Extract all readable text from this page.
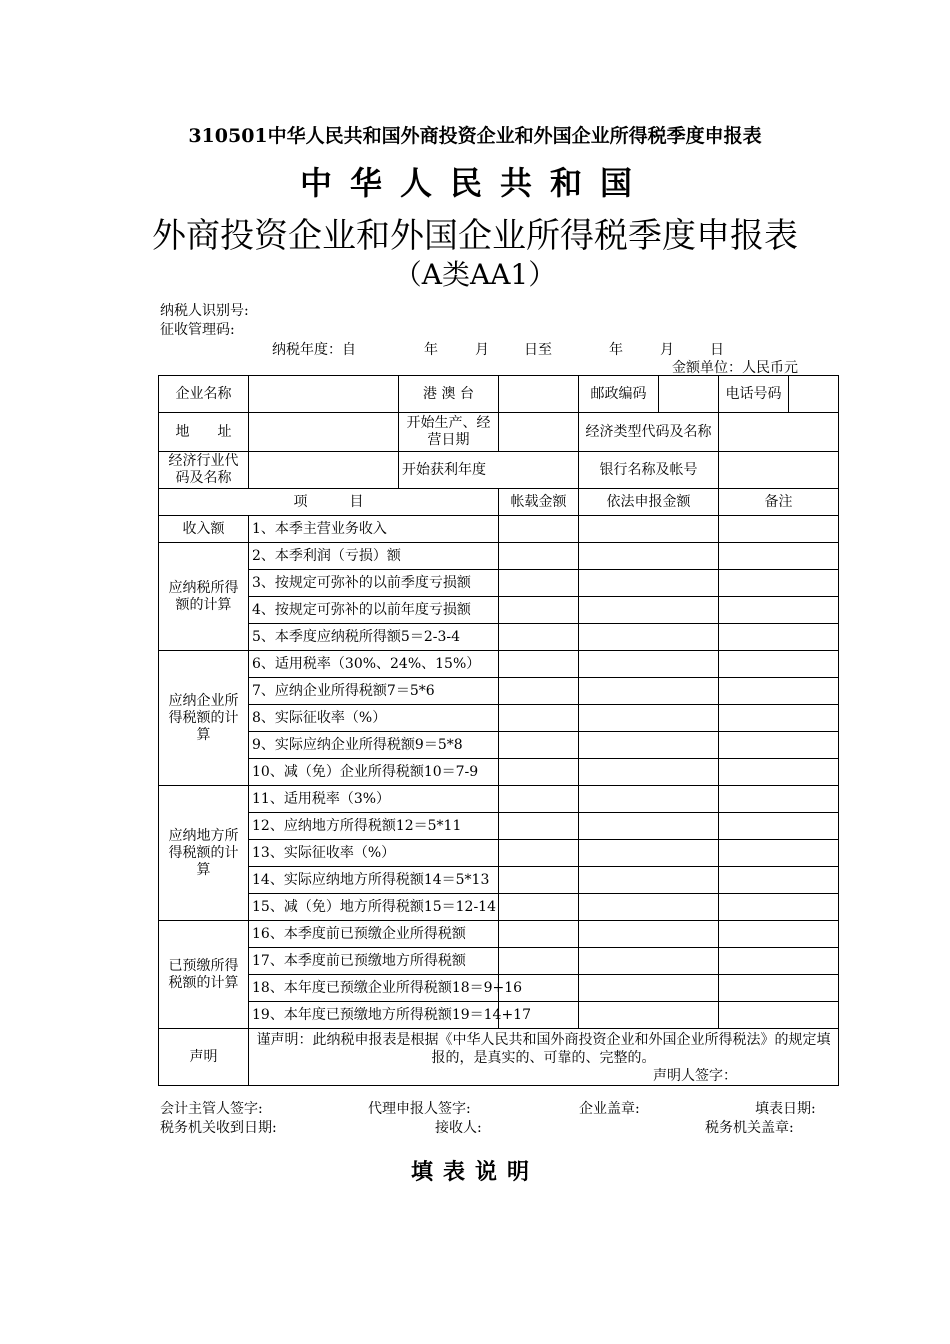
310501中华人民共和国外商投资企业和外国企业所得税季度申报表
中华人民共和国
外商投资企业和外国企业所得税季度申报表
（A类AA1）
纳税人识别号:
征收管理码:
纳税年度：自	年	月	日至	年	月	日
金额单位：人民币元
企业名称		港 澳 台		邮政编码		电话号码	
地　　址		开始生产、经营日期		经济类型代码及名称			
经济行业代码及名称		开始获利年度		银行名称及帐号			
项　　　目			帐载金额	依法申报金额		备注	
收入额	1、本季主营业务收入						
应纳税所得额的计算	2、本季利润（亏损）额						
	3、按规定可弥补的以前季度亏损额						
	4、按规定可弥补的以前年度亏损额						
	5、本季度应纳税所得额5＝2-3-4						
应纳企业所得税额的计算	6、适用税率（30%、24%、15%）						
	7、应纳企业所得税额7＝5*6						
	8、实际征收率（%）						
	9、实际应纳企业所得税额9＝5*8						
	10、减（免）企业所得税额10＝7-9						
应纳地方所得税额的计算	11、适用税率（3%）						
	12、应纳地方所得税额12＝5*11						
	13、实际征收率（%）						
	14、实际应纳地方所得税额14＝5*13						
	15、减（免）地方所得税额15＝12-14						
已预缴所得税额的计算	16、本季度前已预缴企业所得税额						
	17、本季度前已预缴地方所得税额						
	18、本年度已预缴企业所得税额18＝9+16						
	19、本年度已预缴地方所得税额19＝14+17						
声明	谨声明：此纳税申报表是根据《中华人民共和国外商投资企业和外国企业所得税法》的规定填报的，是真实的、可靠的、完整的。
声明人签字：						
会计主管人签字:	代理申报人签字:	企业盖章:	填表日期:
税务机关收到日期:	接收人:	税务机关盖章:
填表说明
